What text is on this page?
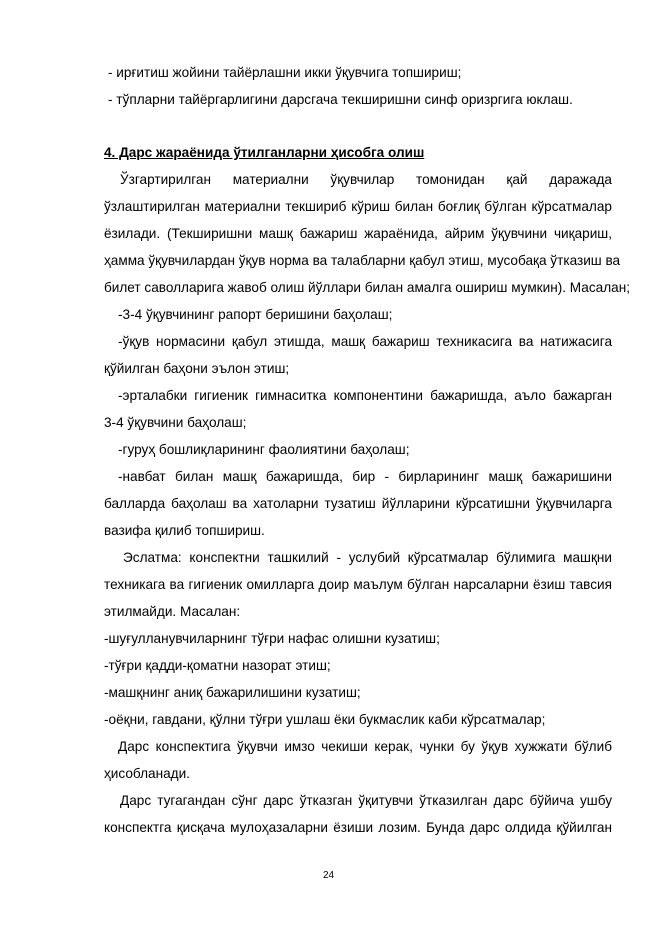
- ирғитиш жойини тайёрлашни икки ўқувчига топшириш;
- тўпларни тайёргарлигини дарсгача текширишни синф оризргига юклаш.
4. Дарс жараёнида ўтилганларни ҳисобга олиш
Ўзгартирилган материални ўқувчилар томонидан қай даражада
ўзлаштирилган материални текшириб кўриш билан боғлиқ бўлган кўрсатмалар
ёзилади. (Текширишни машқ бажариш жараёнида, айрим ўқувчини чиқариш,
ҳамма ўқувчилардан ўқув норма ва талабларни қабул этиш, мусобақа ўтказиш ва
билет саволларига жавоб олиш йўллари билан амалга ошириш мумкин). Масалан;
-3-4 ўқувчининг рапорт беришини баҳолаш;
-ўқув нормасини қабул этишда, машқ бажариш техникасига ва натижасига
қўйилган баҳони эълон этиш;
-эрталабки гигиеник гимнаситка компонентини бажаришда, аъло бажарган
3-4 ўқувчини баҳолаш;
-гуруҳ бошлиқларининг фаолиятини баҳолаш;
-навбат билан машқ бажаришда, бир - бирларининг машқ бажаришини
балларда баҳолаш ва хатоларни тузатиш йўлларини кўрсатишни ўқувчиларга
вазифа қилиб топшириш.
Эслатма: конспектни ташкилий - услубий кўрсатмалар бўлимига машқни
техникага ва гигиеник омилларга доир маълум бўлган нарсаларни ёзиш тавсия
этилмайди. Масалан:
-шуғулланувчиларнинг тўғри нафас олишни кузатиш;
-тўғри қадди-қоматни назорат этиш;
-машқнинг аниқ бажарилишини кузатиш;
-оёқни, гавдани, қўлни тўғри ушлаш ёки букмаслик каби кўрсатмалар;
Дарс конспектига ўқувчи имзо чекиши керак, чунки бу ўқув хужжати бўлиб
ҳисобланади.
Дарс тугагандан сўнг дарс ўтказган ўқитувчи ўтказилган дарс бўйича ушбу
конспектга қисқача мулоҳазаларни ёзиши лозим. Бунда дарс олдида қўйилган
24
